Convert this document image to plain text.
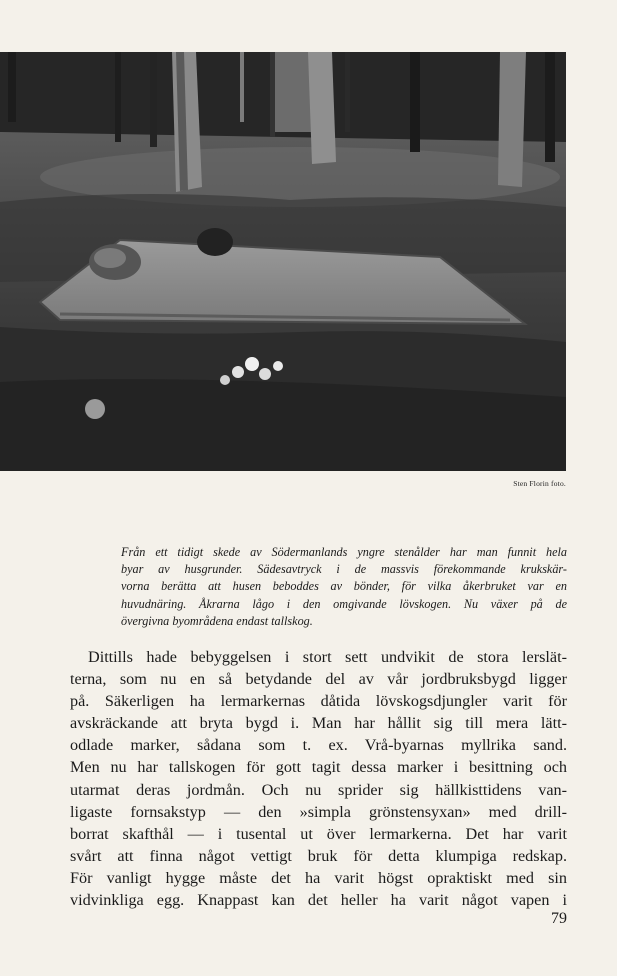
Sten Florin foto.
Från ett tidigt skede av Södermanlands yngre stenålder har man funnit hela
byar av husgrunder. Sädesavtryck i de massvis förekommande krukskär-
vorna berätta att husen beboddes av bönder, för vilka åkerbruket var en
huvudnäring. Åkrarna lågo i den omgivande lövskogen. Nu växer på de
övergivna byområdena endast tallskog.
Dittills hade bebyggelsen i stort sett undvikit de stora lerslät-
terna, som nu en så betydande del av vår jordbruksbygd ligger
på. Säkerligen ha lermarkernas dåtida lövskogsdjungler varit för
avskräckande att bryta bygd i. Man har hållit sig till mera lätt-
odlade marker, sådana som t. ex. Vrå-byarnas myllrika sand.
Men nu har tallskogen för gott tagit dessa marker i besittning och
utarmat deras jordmån. Och nu sprider sig hällkisttidens van-
ligaste fornsakstyp — den »simpla grönstensyxan» med drill-
borrat skafthål — i tusental ut över lermarkerna. Det har varit
svårt att finna något vettigt bruk för detta klumpiga redskap.
För vanligt hygge måste det ha varit högst opraktiskt med sin
vidvinkliga egg. Knappast kan det heller ha varit något vapen i
79
